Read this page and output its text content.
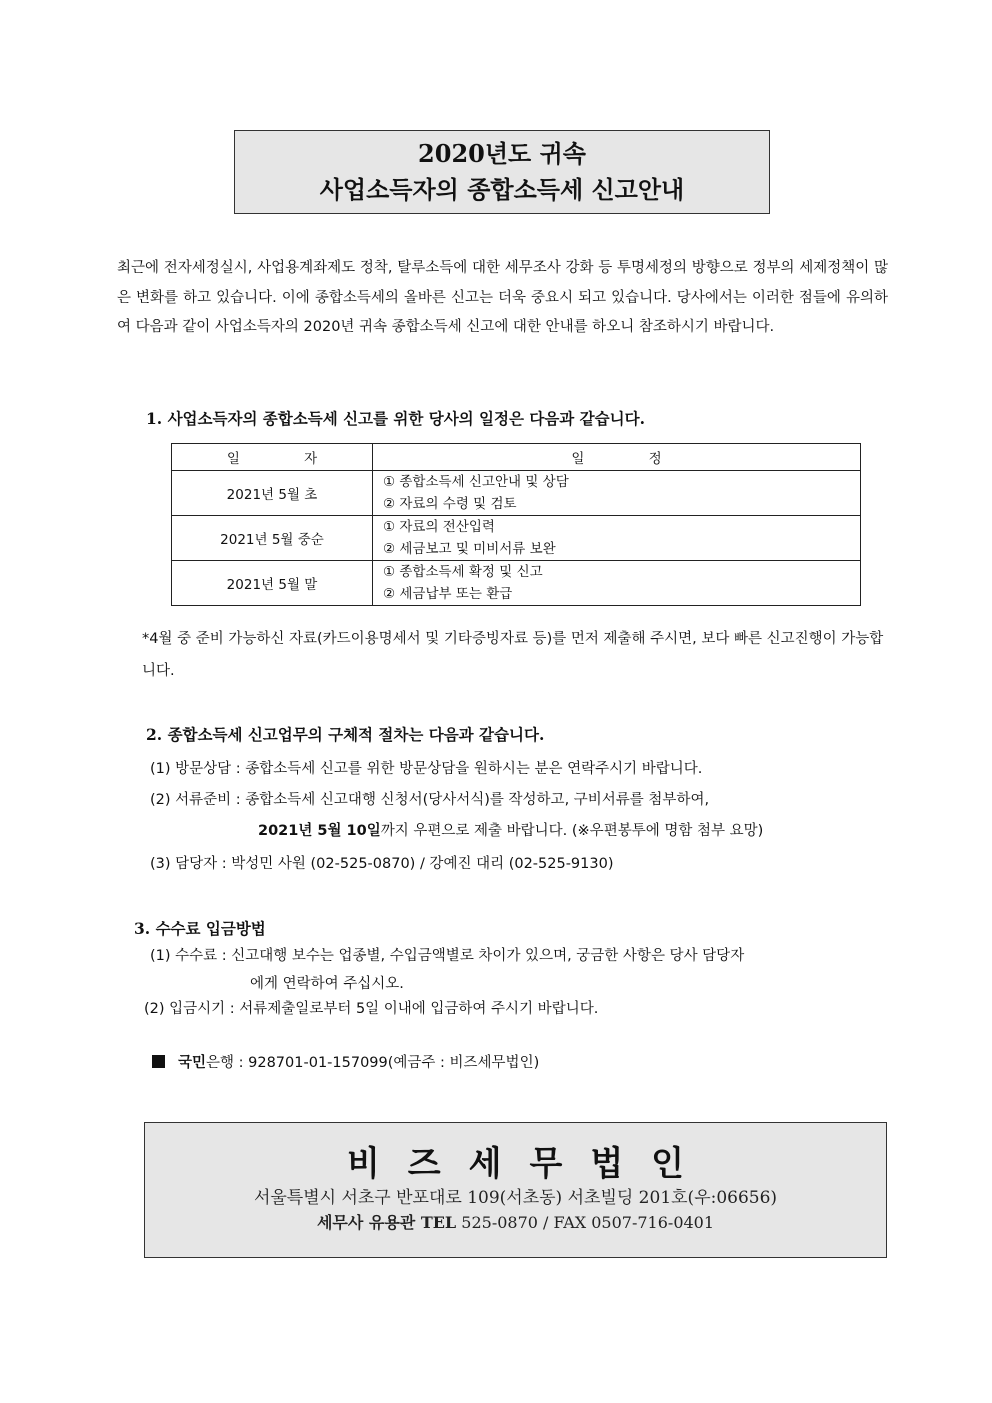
2020년도 귀속
사업소득자의 종합소득세 신고안내
최근에 전자세정실시, 사업용계좌제도 정착, 탈루소득에 대한 세무조사 강화 등 투명세정의 방향으로 정부의 세제정책이 많은 변화를 하고 있습니다. 이에 종합소득세의 올바른 신고는 더욱 중요시 되고 있습니다. 당사에서는 이러한 점들에 유의하여 다음과 같이 사업소득자의 2020년 귀속 종합소득세 신고에 대한 안내를 하오니 참조하시기 바랍니다.
1. 사업소득자의 종합소득세 신고를 위한 당사의 일정은 다음과 같습니다.
일 자	일 정
2021년 5월 초	① 종합소득세 신고안내 및 상담
② 자료의 수령 및 검토

2021년 5월 중순	① 자료의 전산입력
② 세금보고 및 미비서류 보완

2021년 5월 말	① 종합소득세 확정 및 신고
② 세금납부 또는 환급
*4월 중 준비 가능하신 자료(카드이용명세서 및 기타증빙자료 등)를 먼저 제출해 주시면, 보다 빠른 신고진행이 가능합니다.
2. 종합소득세 신고업무의 구체적 절차는 다음과 같습니다.
(1) 방문상담 : 종합소득세 신고를 위한 방문상담을 원하시는 분은 연락주시기 바랍니다.
(2) 서류준비 : 종합소득세 신고대행 신청서(당사서식)를 작성하고, 구비서류를 첨부하여,
2021년 5월 10일까지 우편으로 제출 바랍니다. (※우편봉투에 명함 첨부 요망)
(3) 담당자 : 박성민 사원 (02-525-0870) / 강예진 대리 (02-525-9130)
3. 수수료 입금방법
(1) 수수료 : 신고대행 보수는 업종별, 수입금액별로 차이가 있으며, 궁금한 사항은 당사 담당자
에게 연락하여 주십시오.
(2) 입금시기 : 서류제출일로부터 5일 이내에 입금하여 주시기 바랍니다.
국민은행 : 928701-01-157099(예금주 : 비즈세무법인)
비즈세무법인
서울특별시 서초구 반포대로 109(서초동) 서초빌딩 201호(우:06656)
세무사 유용관 TEL 525-0870 / FAX 0507-716-0401
